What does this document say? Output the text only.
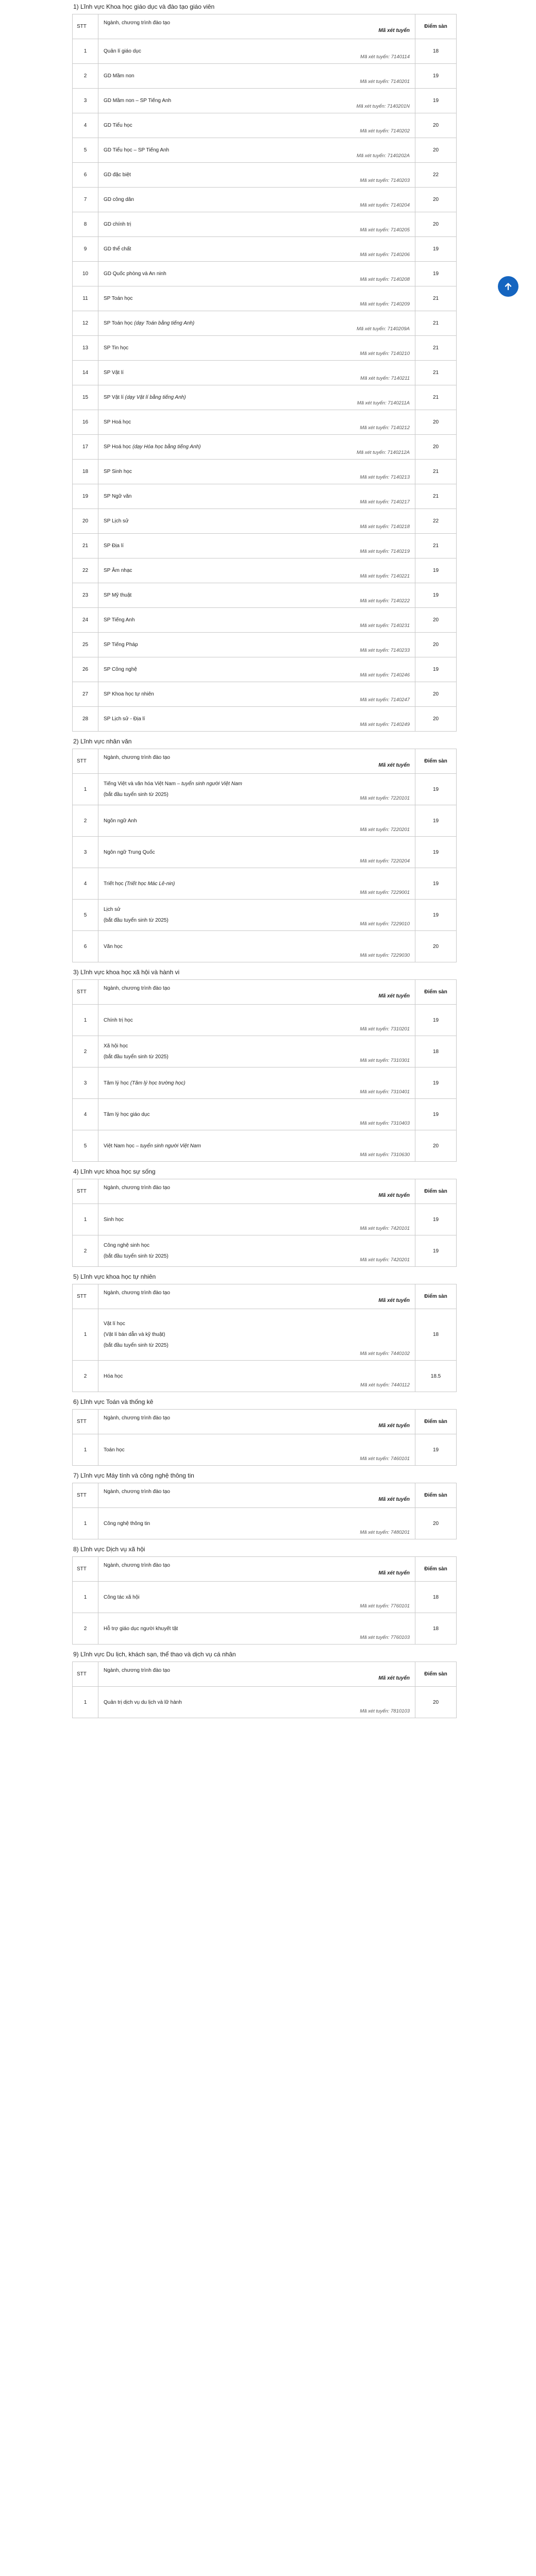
1) Lĩnh vực Khoa học giáo dục và đào tạo giáo viên
STT	Ngành, chương trình đào tạo
Mã xét tuyển	Điểm sàn
1	Quản lí giáo dục
Mã xét tuyển: 7140114	18
2	GD Mầm non
Mã xét tuyển: 7140201	19
3	GD Mầm non – SP Tiếng Anh
Mã xét tuyển: 7140201N	19
4	GD Tiểu học
Mã xét tuyển: 7140202	20
5	GD Tiểu học – SP Tiếng Anh
Mã xét tuyển: 7140202A	20
6	GD đặc biệt
Mã xét tuyển: 7140203	22
7	GD công dân
Mã xét tuyển: 7140204	20
8	GD chính trị
Mã xét tuyển: 7140205	20
9	GD thể chất
Mã xét tuyển: 7140206	19
10	GD Quốc phòng và An ninh
Mã xét tuyển: 7140208	19
11	SP Toán học
Mã xét tuyển: 7140209	21
12	SP Toán học (dạy Toán bằng tiếng Anh)
Mã xét tuyển: 7140209A	21
13	SP Tin học
Mã xét tuyển: 7140210	21
14	SP Vật lí
Mã xét tuyển: 7140211	21
15	SP Vật lí (dạy Vật lí bằng tiếng Anh)
Mã xét tuyển: 7140211A	21
16	SP Hoá học
Mã xét tuyển: 7140212	20
17	SP Hoá học (dạy Hóa học bằng tiếng Anh)
Mã xét tuyển: 7140212A	20
18	SP Sinh học
Mã xét tuyển: 7140213	21
19	SP Ngữ văn
Mã xét tuyển: 7140217	21
20	SP Lịch sử
Mã xét tuyển: 7140218	22
21	SP Địa lí
Mã xét tuyển: 7140219	21
22	SP Âm nhạc
Mã xét tuyển: 7140221	19
23	SP Mỹ thuật
Mã xét tuyển: 7140222	19
24	SP Tiếng Anh
Mã xét tuyển: 7140231	20
25	SP Tiếng Pháp
Mã xét tuyển: 7140233	20
26	SP Công nghệ
Mã xét tuyển: 7140246	19
27	SP Khoa học tự nhiên
Mã xét tuyển: 7140247	20
28	SP Lịch sử - Địa lí
Mã xét tuyển: 7140249	20
2) Lĩnh vực nhân văn
STT	Ngành, chương trình đào tạo
Mã xét tuyển	Điểm sàn
1	Tiếng Việt và văn hóa Việt Nam – tuyển sinh người Việt Nam
(bắt đầu tuyển sinh từ 2025)
Mã xét tuyển: 7220101	19
2	Ngôn ngữ Anh
Mã xét tuyển: 7220201	19
3	Ngôn ngữ Trung Quốc
Mã xét tuyển: 7220204	19
4	Triết học (Triết học Mác Lê-nin)
Mã xét tuyển: 7229001	19
5	Lịch sử
(bắt đầu tuyển sinh từ 2025)
Mã xét tuyển: 7229010	19
6	Văn học
Mã xét tuyển: 7229030	20
3) Lĩnh vực khoa học xã hội và hành vi
STT	Ngành, chương trình đào tạo
Mã xét tuyển	Điểm sàn
1	Chính trị học
Mã xét tuyển: 7310201	19
2	Xã hội học
(bắt đầu tuyển sinh từ 2025)
Mã xét tuyển: 7310301	18
3	Tâm lý học (Tâm lý học trường học)
Mã xét tuyển: 7310401	19
4	Tâm lý học giáo dục
Mã xét tuyển: 7310403	19
5	Việt Nam học – tuyển sinh người Việt Nam
Mã xét tuyển: 7310630	20
4) Lĩnh vực khoa học sự sống
STT	Ngành, chương trình đào tạo
Mã xét tuyển	Điểm sàn
1	Sinh học
Mã xét tuyển: 7420101	19
2	Công nghệ sinh học
(bắt đầu tuyển sinh từ 2025)
Mã xét tuyển: 7420201	19
5) Lĩnh vực khoa học tự nhiên
STT	Ngành, chương trình đào tạo
Mã xét tuyển	Điểm sàn
1	Vật lí học
(Vật lí bán dẫn và kỹ thuật)
(bắt đầu tuyển sinh từ 2025)
Mã xét tuyển: 7440102	18
2	Hóa học
Mã xét tuyển: 7440112	18.5
6) Lĩnh vực Toán và thống kê
STT	Ngành, chương trình đào tạo
Mã xét tuyển	Điểm sàn
1	Toán học
Mã xét tuyển: 7460101	19
7) Lĩnh vực Máy tính và công nghệ thông tin
STT	Ngành, chương trình đào tạo
Mã xét tuyển	Điểm sàn
1	Công nghệ thông tin
Mã xét tuyển: 7480201	20
8) Lĩnh vực Dịch vụ xã hội
STT	Ngành, chương trình đào tạo
Mã xét tuyển	Điểm sàn
1	Công tác xã hội
Mã xét tuyển: 7760101	18
2	Hỗ trợ giáo dục người khuyết tật
Mã xét tuyển: 7760103	18
9) Lĩnh vực Du lịch, khách sạn, thể thao và dịch vụ cá nhân
STT	Ngành, chương trình đào tạo
Mã xét tuyển	Điểm sàn
1	Quản trị dịch vụ du lịch và lữ hành
Mã xét tuyển: 7810103	20
